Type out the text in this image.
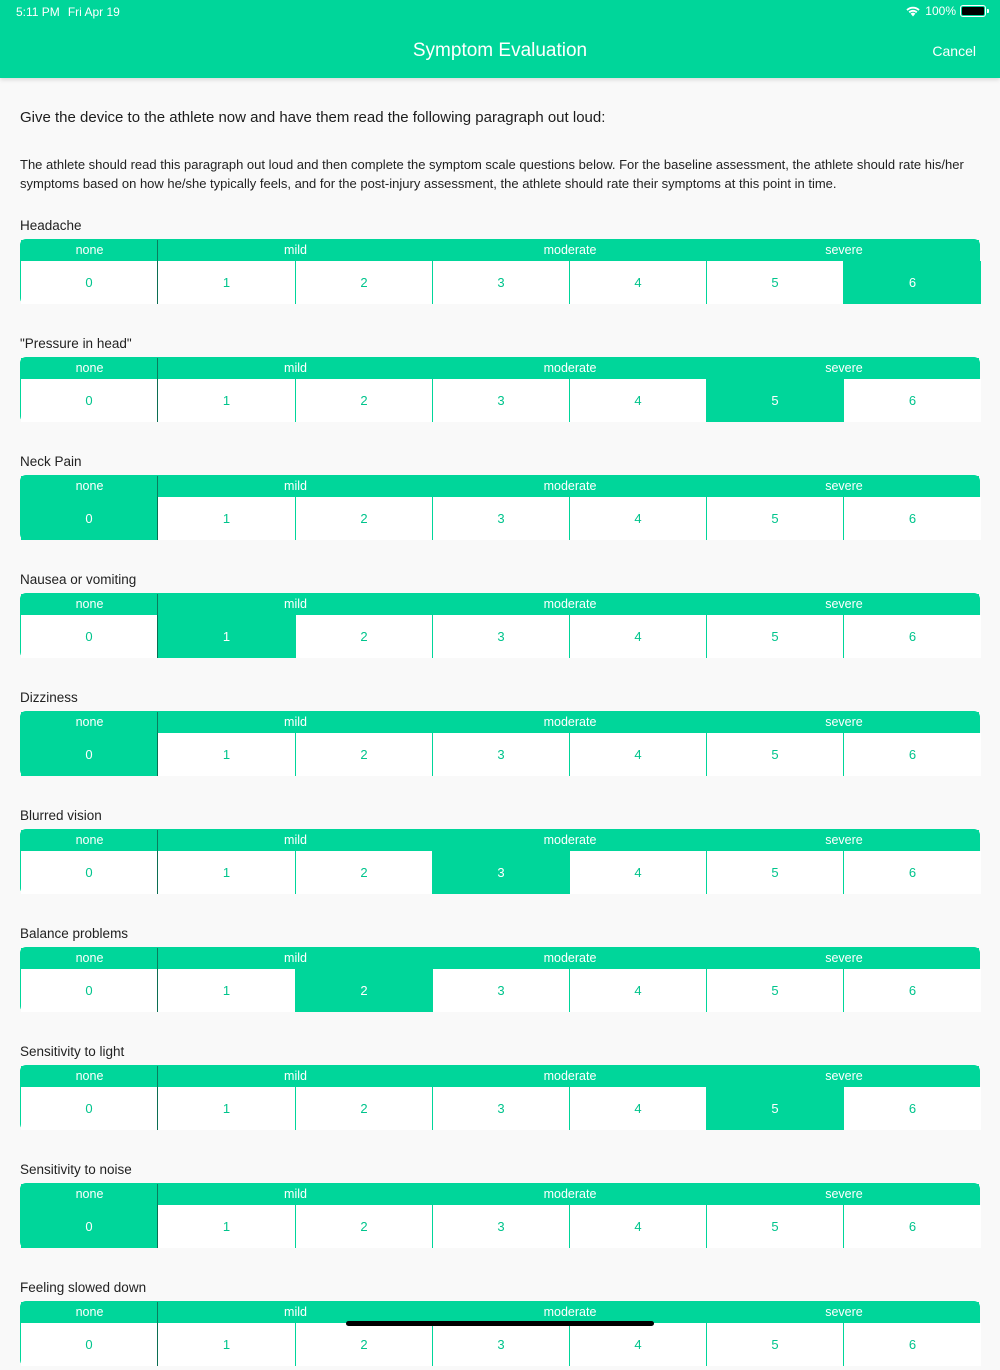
5:11 PM Fri Apr 19	100%
Symptom Evaluation	Cancel
Give the device to the athlete now and have them read the following paragraph out loud:
The athlete should read this paragraph out loud and then complete the symptom scale questions below. For the baseline assessment, the athlete should rate his/her symptoms based on how he/she typically feels, and for the post-injury assessment, the athlete should rate their symptoms at this point in time.
Headache
none	mild	moderate	severe
0	1	2	3	4	5	6
"Pressure in head"
none	mild	moderate	severe
0	1	2	3	4	5	6
Neck Pain
none	mild	moderate	severe
0	1	2	3	4	5	6
Nausea or vomiting
none	mild	moderate	severe
0	1	2	3	4	5	6
Dizziness
none	mild	moderate	severe
0	1	2	3	4	5	6
Blurred vision
none	mild	moderate	severe
0	1	2	3	4	5	6
Balance problems
none	mild	moderate	severe
0	1	2	3	4	5	6
Sensitivity to light
none	mild	moderate	severe
0	1	2	3	4	5	6
Sensitivity to noise
none	mild	moderate	severe
0	1	2	3	4	5	6
Feeling slowed down
none	mild	moderate	severe
0	1	2	3	4	5	6
